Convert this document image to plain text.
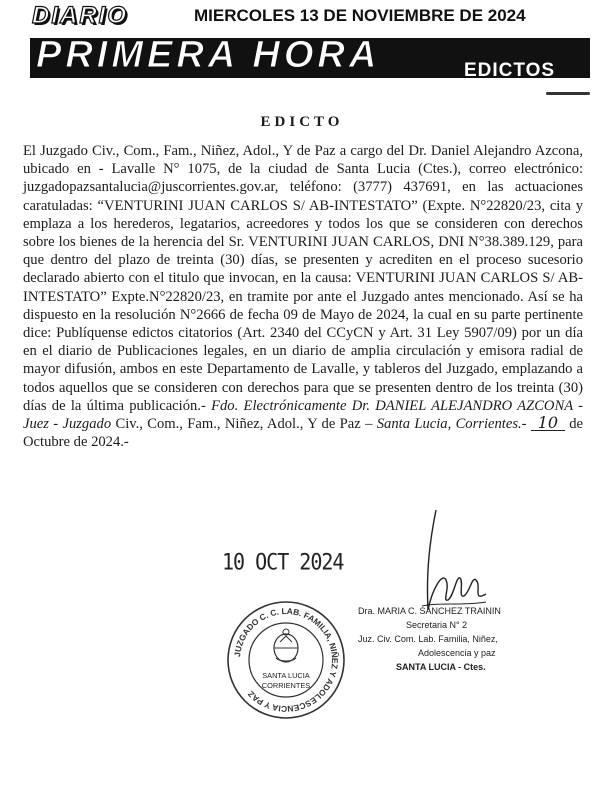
DIARIO	MIERCOLES 13 DE NOVIEMBRE DE 2024
PRIMERA HORA	EDICTOS
EDICTO
El Juzgado Civ., Com., Fam., Niñez, Adol., Y de Paz a cargo del Dr. Daniel Alejandro Azcona, ubicado en - Lavalle N° 1075, de la ciudad de Santa Lucia (Ctes.), correo electrónico: juzgadopazsantalucia@juscorrientes.gov.ar, teléfono: (3777) 437691, en las actuaciones caratuladas: “VENTURINI JUAN CARLOS S/ AB-INTESTATO” (Expte. N°22820/23, cita y emplaza a los herederos, legatarios, acreedores y todos los que se consideren con derechos sobre los bienes de la herencia del Sr. VENTURINI JUAN CARLOS, DNI N°38.389.129, para que dentro del plazo de treinta (30) días, se presenten y acrediten en el proceso sucesorio declarado abierto con el titulo que invocan, en la causa: VENTURINI JUAN CARLOS S/ AB-INTESTATO” Expte.N°22820/23, en tramite por ante el Juzgado antes mencionado. Así se ha dispuesto en la resolución N°2666 de fecha 09 de Mayo de 2024, la cual en su parte pertinente dice: Publíquense edictos citatorios (Art. 2340 del CCyCN y Art. 31 Ley 5907/09) por un día en el diario de Publicaciones legales, en un diario de amplia circulación y emisora radial de mayor difusión, ambos en este Departamento de Lavalle, y tableros del Juzgado, emplazando a todos aquellos que se consideren con derechos para que se presenten dentro de los treinta (30) días de la última publicación.- Fdo. Electrónicamente Dr. DANIEL ALEJANDRO AZCONA - Juez - Juzgado Civ., Com., Fam., Niñez, Adol., Y de Paz – Santa Lucia, Corrientes.- 10 de Octubre de 2024.-
10 OCT 2024
Dra. MARIA C. SANCHEZ TRAININ
Secretaria N° 2
Juz. Civ. Com. Lab. Familia, Niñez,
Adolescencia y paz
SANTA LUCIA - Ctes.
JUZGADO C. C. LAB. FAMILIA, NIÑEZ Y ADOLESCENCIA Y PAZ
SANTA LUCIA
CORRIENTES
